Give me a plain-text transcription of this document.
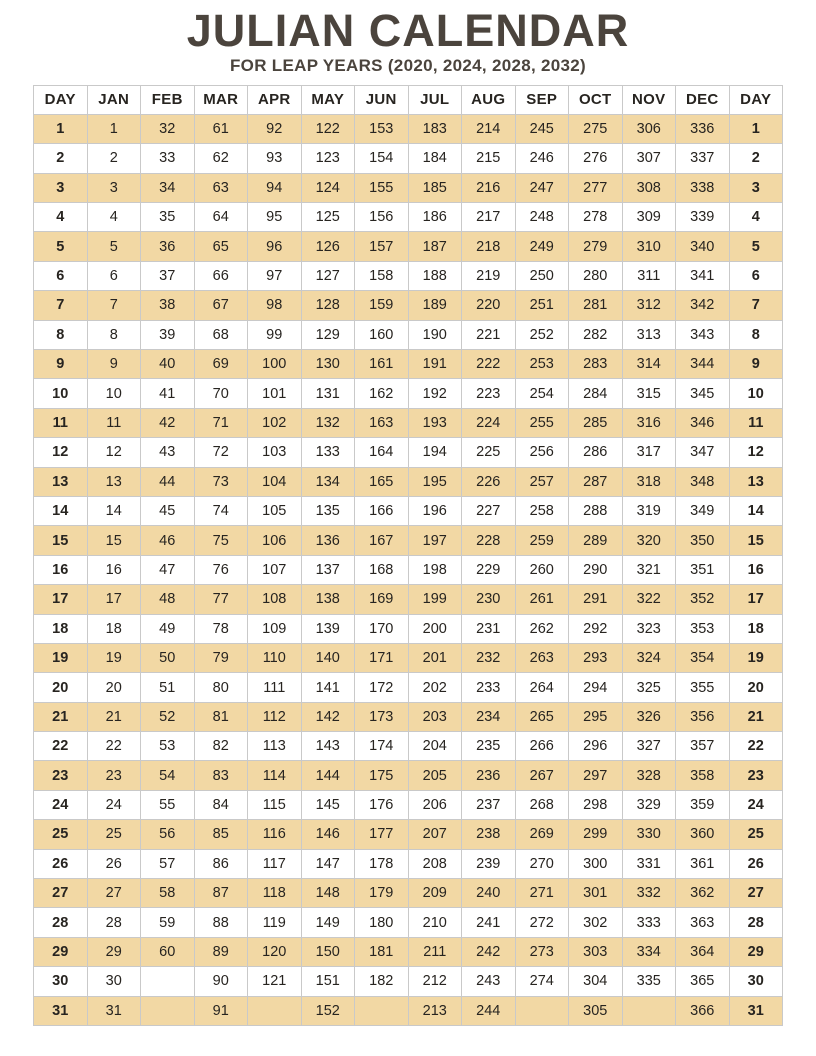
JULIAN CALENDAR

FOR LEAP YEARS (2020, 2024, 2028, 2032)

DAY	JAN	FEB	MAR	APR	MAY	JUN	JUL	AUG	SEP	OCT	NOV	DEC	DAY
1	1	32	61	92	122	153	183	214	245	275	306	336	1
2	2	33	62	93	123	154	184	215	246	276	307	337	2
3	3	34	63	94	124	155	185	216	247	277	308	338	3
4	4	35	64	95	125	156	186	217	248	278	309	339	4
5	5	36	65	96	126	157	187	218	249	279	310	340	5
6	6	37	66	97	127	158	188	219	250	280	311	341	6
7	7	38	67	98	128	159	189	220	251	281	312	342	7
8	8	39	68	99	129	160	190	221	252	282	313	343	8
9	9	40	69	100	130	161	191	222	253	283	314	344	9
10	10	41	70	101	131	162	192	223	254	284	315	345	10
11	11	42	71	102	132	163	193	224	255	285	316	346	11
12	12	43	72	103	133	164	194	225	256	286	317	347	12
13	13	44	73	104	134	165	195	226	257	287	318	348	13
14	14	45	74	105	135	166	196	227	258	288	319	349	14
15	15	46	75	106	136	167	197	228	259	289	320	350	15
16	16	47	76	107	137	168	198	229	260	290	321	351	16
17	17	48	77	108	138	169	199	230	261	291	322	352	17
18	18	49	78	109	139	170	200	231	262	292	323	353	18
19	19	50	79	110	140	171	201	232	263	293	324	354	19
20	20	51	80	111	141	172	202	233	264	294	325	355	20
21	21	52	81	112	142	173	203	234	265	295	326	356	21
22	22	53	82	113	143	174	204	235	266	296	327	357	22
23	23	54	83	114	144	175	205	236	267	297	328	358	23
24	24	55	84	115	145	176	206	237	268	298	329	359	24
25	25	56	85	116	146	177	207	238	269	299	330	360	25
26	26	57	86	117	147	178	208	239	270	300	331	361	26
27	27	58	87	118	148	179	209	240	271	301	332	362	27
28	28	59	88	119	149	180	210	241	272	302	333	363	28
29	29	60	89	120	150	181	211	242	273	303	334	364	29
30	30		90	121	151	182	212	243	274	304	335	365	30
31	31		91		152		213	244		305		366	31
